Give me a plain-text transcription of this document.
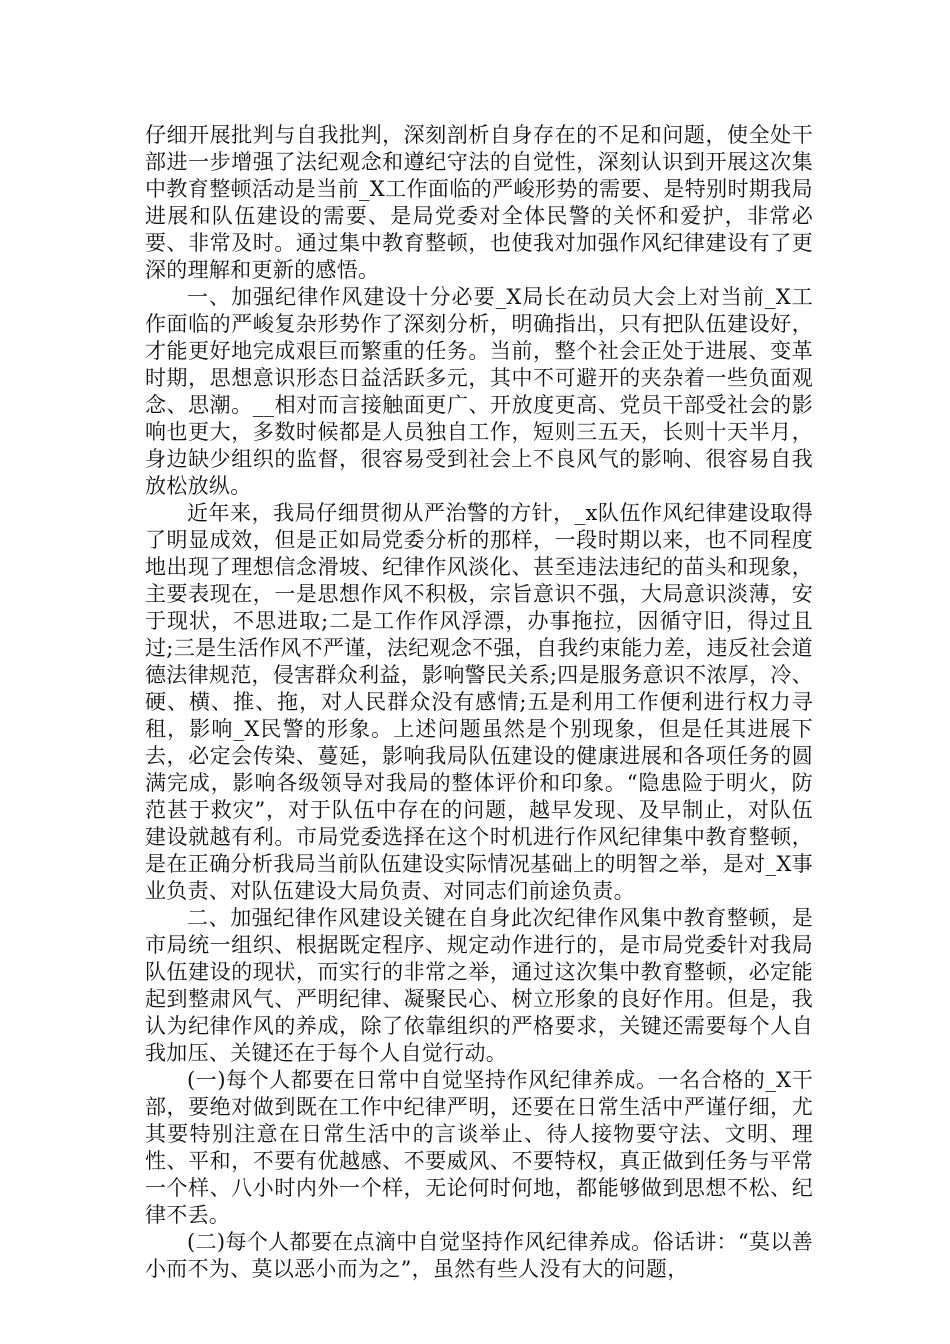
仔细开展批判与自我批判，深刻剖析自身存在的不足和问题，使全处干部进一步增强了法纪观念和遵纪守法的自觉性，深刻认识到开展这次集中教育整顿活动是当前_X工作面临的严峻形势的需要、是特别时期我局进展和队伍建设的需要、是局党委对全体民警的关怀和爱护，非常必要、非常及时。通过集中教育整顿，也使我对加强作风纪律建设有了更深的理解和更新的感悟。

一、加强纪律作风建设十分必要_X局长在动员大会上对当前_X工作面临的严峻复杂形势作了深刻分析，明确指出，只有把队伍建设好，才能更好地完成艰巨而繁重的任务。当前，整个社会正处于进展、变革时期，思想意识形态日益活跃多元，其中不可避开的夹杂着一些负面观念、思潮。__相对而言接触面更广、开放度更高、党员干部受社会的影响也更大，多数时候都是人员独自工作，短则三五天，长则十天半月，身边缺少组织的监督，很容易受到社会上不良风气的影响、很容易自我放松放纵。

近年来，我局仔细贯彻从严治警的方针，_x队伍作风纪律建设取得了明显成效，但是正如局党委分析的那样，一段时期以来，也不同程度地出现了理想信念滑坡、纪律作风淡化、甚至违法违纪的苗头和现象，主要表现在，一是思想作风不积极，宗旨意识不强，大局意识淡薄，安于现状，不思进取;二是工作作风浮漂，办事拖拉，因循守旧，得过且过;三是生活作风不严谨，法纪观念不强，自我约束能力差，违反社会道德法律规范，侵害群众利益，影响警民关系;四是服务意识不浓厚，冷、硬、横、推、拖，对人民群众没有感情;五是利用工作便利进行权力寻租，影响_X民警的形象。上述问题虽然是个别现象，但是任其进展下去，必定会传染、蔓延，影响我局队伍建设的健康进展和各项任务的圆满完成，影响各级领导对我局的整体评价和印象。“隐患险于明火，防范甚于救灾”，对于队伍中存在的问题，越早发现、及早制止，对队伍建设就越有利。市局党委选择在这个时机进行作风纪律集中教育整顿，是在正确分析我局当前队伍建设实际情况基础上的明智之举，是对_X事业负责、对队伍建设大局负责、对同志们前途负责。

二、加强纪律作风建设关键在自身此次纪律作风集中教育整顿，是市局统一组织、根据既定程序、规定动作进行的，是市局党委针对我局队伍建设的现状，而实行的非常之举，通过这次集中教育整顿，必定能起到整肃风气、严明纪律、凝聚民心、树立形象的良好作用。但是，我认为纪律作风的养成，除了依靠组织的严格要求，关键还需要每个人自我加压、关键还在于每个人自觉行动。

(一)每个人都要在日常中自觉坚持作风纪律养成。一名合格的_X干部，要绝对做到既在工作中纪律严明，还要在日常生活中严谨仔细，尤其要特别注意在日常生活中的言谈举止、待人接物要守法、文明、理性、平和，不要有优越感、不要威风、不要特权，真正做到任务与平常一个样、八小时内外一个样，无论何时何地，都能够做到思想不松、纪律不丢。

(二)每个人都要在点滴中自觉坚持作风纪律养成。俗话讲：“莫以善小而不为、莫以恶小而为之”，虽然有些人没有大的问题，
